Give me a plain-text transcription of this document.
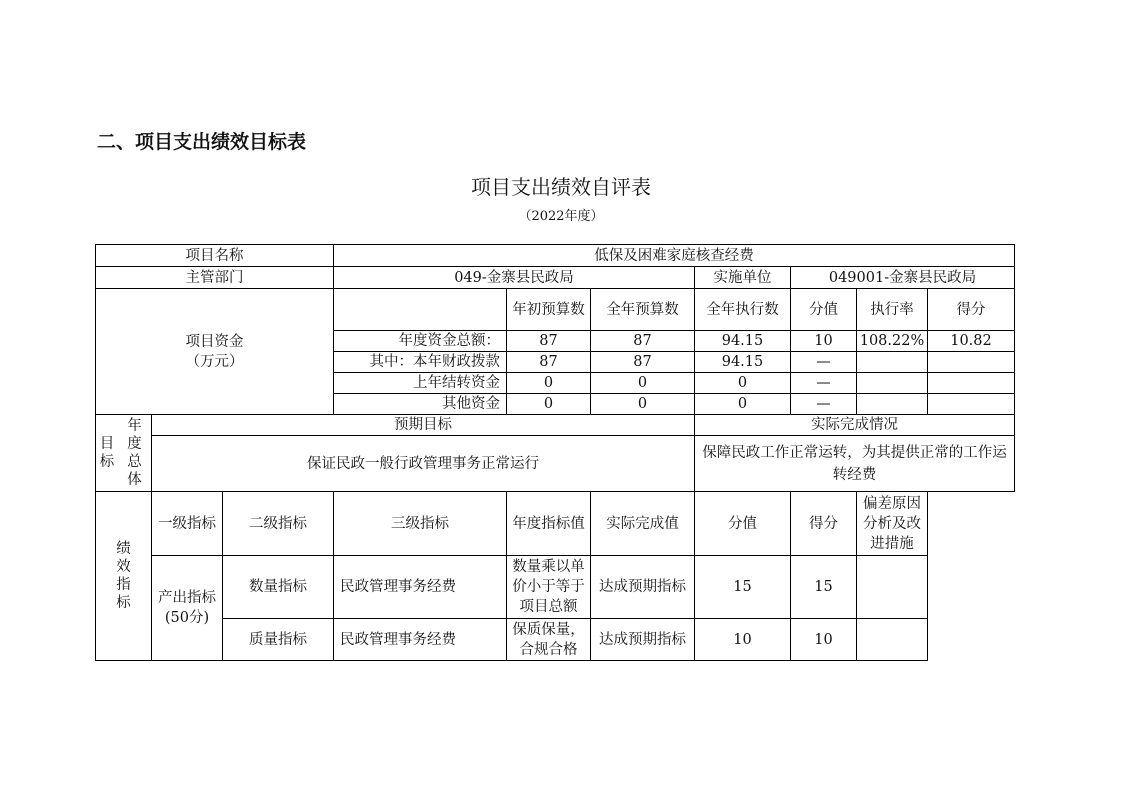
二、项目支出绩效目标表
项目支出绩效自评表
（2022年度）
项目名称			低保及困难家庭核查经费						
主管部门			049-金寨县民政局			实施单位	049001-金寨县民政局		

项目资金
（万元）				年初预算数	全年预算数	全年执行数	分值	执行率	得分
			年度资金总额：	87	87	94.15	10	108.22%	10.82
			其中：本年财政拨款	87	87	94.15	—		
			上年结转资金	0	0	0	—		
			其他资金	0	0	0	—		

目标
年度总体	预期目标					实际完成情况			
	保证民政一般行政管理事务正常运行					保障民政工作正常运转，为其提供正常的工作运转经费			
绩效指标	一级指标	二级指标	三级指标	年度指标值	实际完成值	分值	得分	偏差原因分析及改进措施	
	产出指标(50分)	数量指标	民政管理事务经费	数量乘以单价小于等于项目总额	达成预期指标	15	15		
		质量指标	民政管理事务经费	保质保量，合规合格	达成预期指标	10	10		
